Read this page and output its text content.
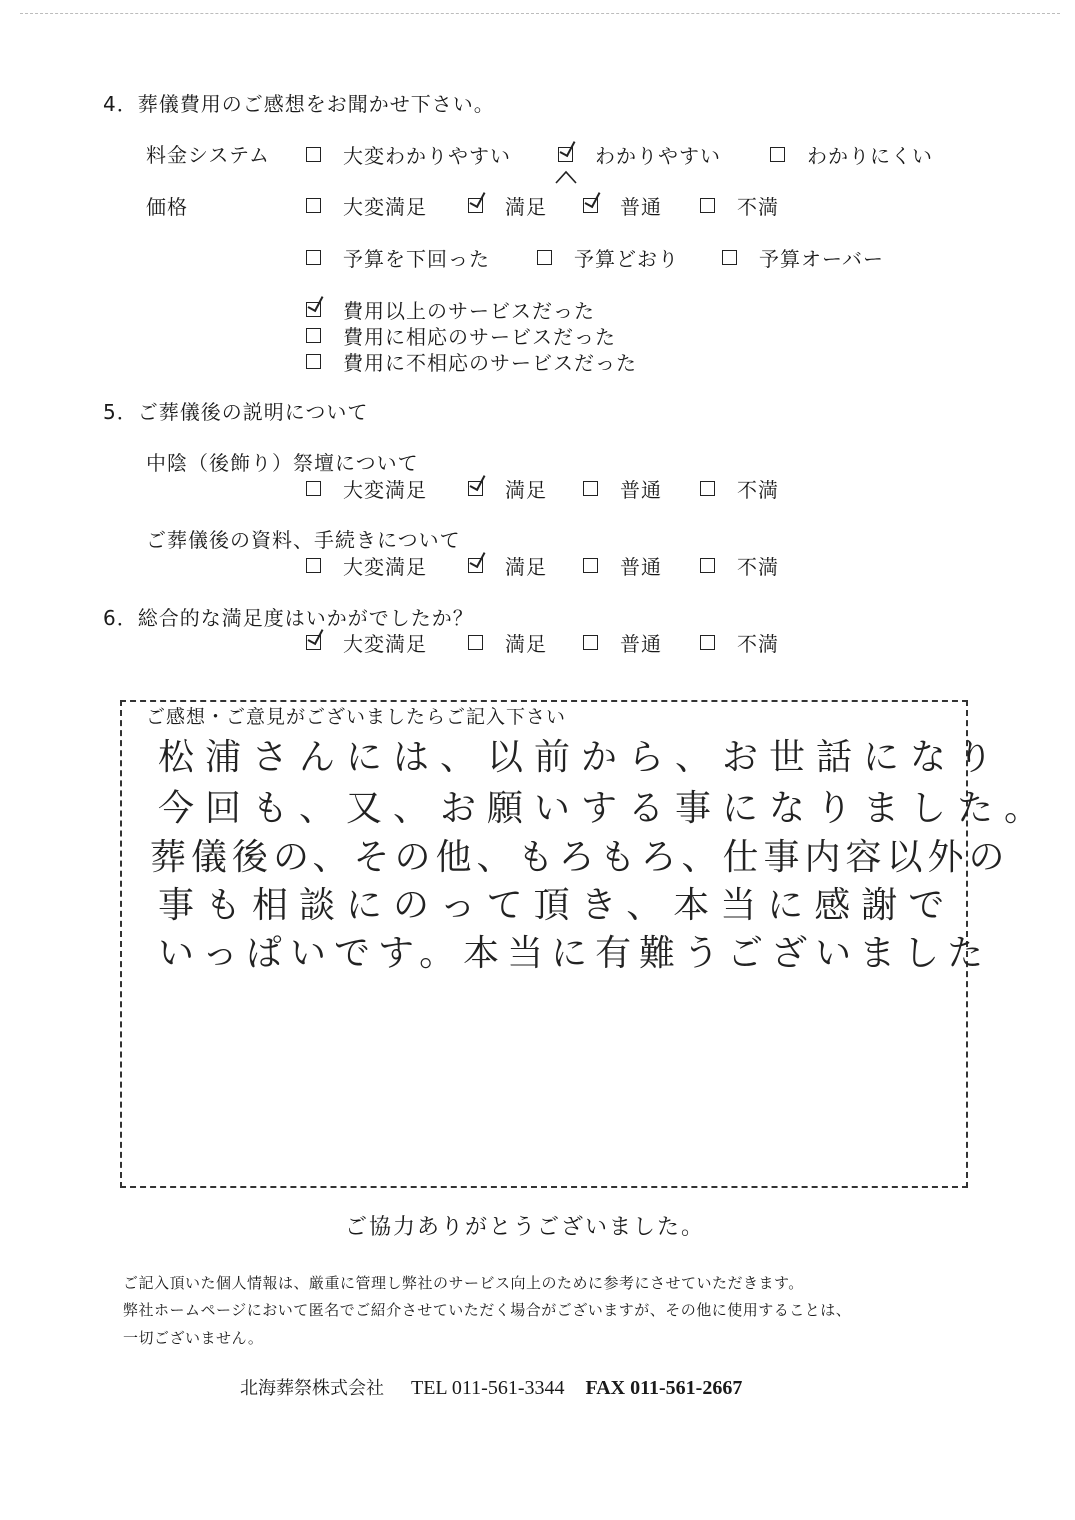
4．葬儀費用のご感想をお聞かせ下さい。
料金システム	大変わかりやすい	わかりやすい	わかりにくい
価格	大変満足	満足	普通	不満
予算を下回った	予算どおり	予算オーバー
費用以上のサービスだった
費用に相応のサービスだった
費用に不相応のサービスだった
5．ご葬儀後の説明について
中陰（後飾り）祭壇について
大変満足	満足	普通	不満
ご葬儀後の資料、手続きについて
大変満足	満足	普通	不満
6．総合的な満足度はいかがでしたか？
大変満足	満足	普通	不満
ご感想・ご意見がございましたらご記入下さい
松浦さんには、以前から、お世話になり
今回も、又、お願いする事になりました。
葬儀後の、その他、もろもろ、仕事内容以外の
事も相談にのって頂き、本当に感謝で
いっぱいです。本当に有難うございました
ご協力ありがとうございました。
ご記入頂いた個人情報は、厳重に管理し弊社のサービス向上のために参考にさせていただきます。
弊社ホームページにおいて匿名でご紹介させていただく場合がございますが、その他に使用することは、
一切ございません。
北海葬祭株式会社 TEL 011-561-3344 FAX 011-561-2667
